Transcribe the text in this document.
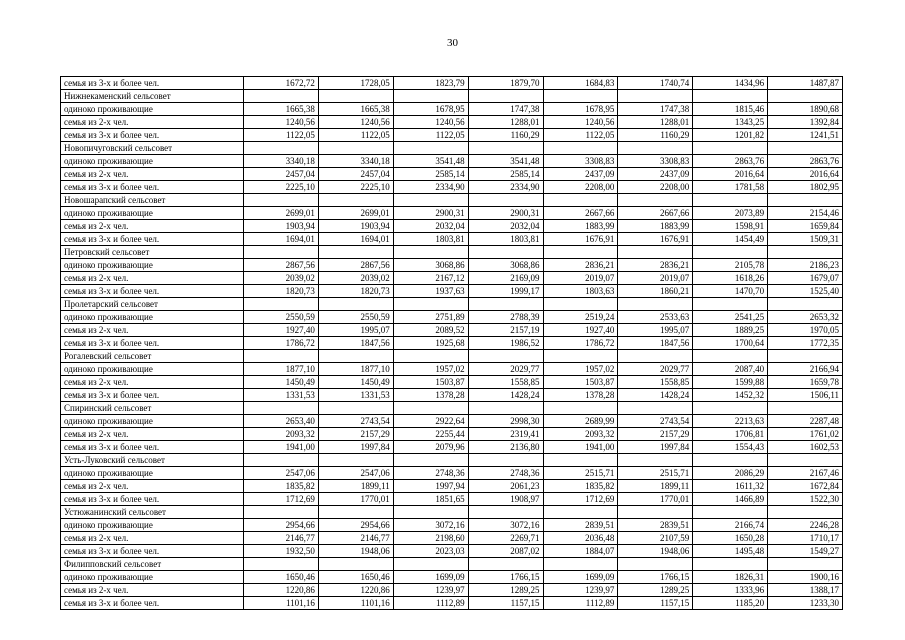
30
семья из 3-х и более чел.	1672,72	1728,05	1823,79	1879,70	1684,83	1740,74	1434,96	1487,87
Нижнекаменский сельсовет								
одиноко проживающие	1665,38	1665,38	1678,95	1747,38	1678,95	1747,38	1815,46	1890,68
семья из 2-х чел.	1240,56	1240,56	1240,56	1288,01	1240,56	1288,01	1343,25	1392,84
семья из 3-х и более чел.	1122,05	1122,05	1122,05	1160,29	1122,05	1160,29	1201,82	1241,51
Новопичуговский сельсовет								
одиноко проживающие	3340,18	3340,18	3541,48	3541,48	3308,83	3308,83	2863,76	2863,76
семья из 2-х чел.	2457,04	2457,04	2585,14	2585,14	2437,09	2437,09	2016,64	2016,64
семья из 3-х и более чел.	2225,10	2225,10	2334,90	2334,90	2208,00	2208,00	1781,58	1802,95
Новошарапский сельсовет								
одиноко проживающие	2699,01	2699,01	2900,31	2900,31	2667,66	2667,66	2073,89	2154,46
семья из 2-х чел.	1903,94	1903,94	2032,04	2032,04	1883,99	1883,99	1598,91	1659,84
семья из 3-х и более чел.	1694,01	1694,01	1803,81	1803,81	1676,91	1676,91	1454,49	1509,31
Петровский сельсовет								
одиноко проживающие	2867,56	2867,56	3068,86	3068,86	2836,21	2836,21	2105,78	2186,23
семья из 2-х чел.	2039,02	2039,02	2167,12	2169,09	2019,07	2019,07	1618,26	1679,07
семья из 3-х и более чел.	1820,73	1820,73	1937,63	1999,17	1803,63	1860,21	1470,70	1525,40
Пролетарский сельсовет								
одиноко проживающие	2550,59	2550,59	2751,89	2788,39	2519,24	2533,63	2541,25	2653,32
семья из 2-х чел.	1927,40	1995,07	2089,52	2157,19	1927,40	1995,07	1889,25	1970,05
семья из 3-х и более чел.	1786,72	1847,56	1925,68	1986,52	1786,72	1847,56	1700,64	1772,35
Рогалевский сельсовет								
одиноко проживающие	1877,10	1877,10	1957,02	2029,77	1957,02	2029,77	2087,40	2166,94
семья из 2-х чел.	1450,49	1450,49	1503,87	1558,85	1503,87	1558,85	1599,88	1659,78
семья из 3-х и более чел.	1331,53	1331,53	1378,28	1428,24	1378,28	1428,24	1452,32	1506,11
Спиринский сельсовет								
одиноко проживающие	2653,40	2743,54	2922,64	2998,30	2689,99	2743,54	2213,63	2287,48
семья из 2-х чел.	2093,32	2157,29	2255,44	2319,41	2093,32	2157,29	1706,81	1761,02
семья из 3-х и более чел.	1941,00	1997,84	2079,96	2136,80	1941,00	1997,84	1554,43	1602,53
Усть-Луковский сельсовет								
одиноко проживающие	2547,06	2547,06	2748,36	2748,36	2515,71	2515,71	2086,29	2167,46
семья из 2-х чел.	1835,82	1899,11	1997,94	2061,23	1835,82	1899,11	1611,32	1672,84
семья из 3-х и более чел.	1712,69	1770,01	1851,65	1908,97	1712,69	1770,01	1466,89	1522,30
Устюжанинский сельсовет								
одиноко проживающие	2954,66	2954,66	3072,16	3072,16	2839,51	2839,51	2166,74	2246,28
семья из 2-х чел.	2146,77	2146,77	2198,60	2269,71	2036,48	2107,59	1650,28	1710,17
семья из 3-х и более чел.	1932,50	1948,06	2023,03	2087,02	1884,07	1948,06	1495,48	1549,27
Филипповский сельсовет								
одиноко проживающие	1650,46	1650,46	1699,09	1766,15	1699,09	1766,15	1826,31	1900,16
семья из 2-х чел.	1220,86	1220,86	1239,97	1289,25	1239,97	1289,25	1333,96	1388,17
семья из 3-х и более чел.	1101,16	1101,16	1112,89	1157,15	1112,89	1157,15	1185,20	1233,30
